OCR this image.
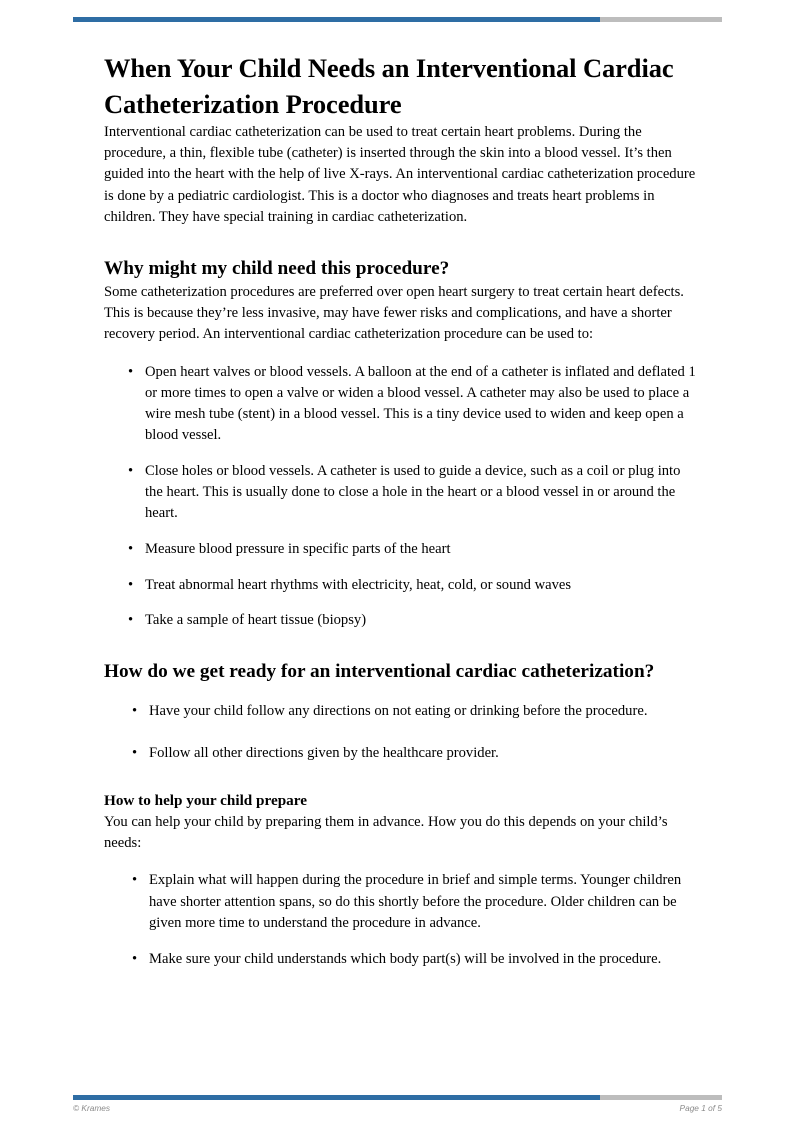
When Your Child Needs an Interventional Cardiac Catheterization Procedure

Interventional cardiac catheterization can be used to treat certain heart problems. During the procedure, a thin, flexible tube (catheter) is inserted through the skin into a blood vessel. It’s then guided into the heart with the help of live X-rays. An interventional cardiac catheterization procedure is done by a pediatric cardiologist. This is a doctor who diagnoses and treats heart problems in children. They have special training in cardiac catheterization.

Why might my child need this procedure?

Some catheterization procedures are preferred over open heart surgery to treat certain heart defects. This is because they’re less invasive, may have fewer risks and complications, and have a shorter recovery period. An interventional cardiac catheterization procedure can be used to:

• Open heart valves or blood vessels. A balloon at the end of a catheter is inflated and deflated 1 or more times to open a valve or widen a blood vessel. A catheter may also be used to place a wire mesh tube (stent) in a blood vessel. This is a tiny device used to widen and keep open a blood vessel.
• Close holes or blood vessels. A catheter is used to guide a device, such as a coil or plug into the heart. This is usually done to close a hole in the heart or a blood vessel in or around the heart.
• Measure blood pressure in specific parts of the heart
• Treat abnormal heart rhythms with electricity, heat, cold, or sound waves
• Take a sample of heart tissue (biopsy)
How do we get ready for an interventional cardiac catheterization?
• Have your child follow any directions on not eating or drinking before the procedure.
• Follow all other directions given by the healthcare provider.
How to help your child prepare

You can help your child by preparing them in advance. How you do this depends on your child’s needs:

• Explain what will happen during the procedure in brief and simple terms. Younger children have shorter attention spans, so do this shortly before the procedure. Older children can be given more time to understand the procedure in advance.
• Make sure your child understands which body part(s) will be involved in the procedure.
© Krames	Page 1 of 5
